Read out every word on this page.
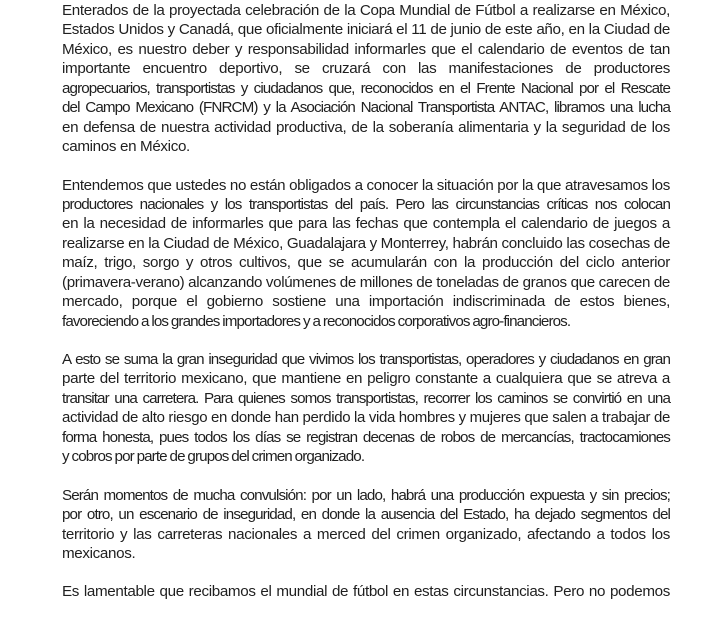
Enterados de la proyectada celebración de la Copa Mundial de Fútbol a realizarse en México,
Estados Unidos y Canadá, que oficialmente iniciará el 11 de junio de este año, en la Ciudad de
México, es nuestro deber y responsabilidad informarles que el calendario de eventos de tan
importante encuentro deportivo, se cruzará con las manifestaciones de productores
agropecuarios, transportistas y ciudadanos que, reconocidos en el Frente Nacional por el Rescate
del Campo Mexicano (FNRCM) y la Asociación Nacional Transportista ANTAC, libramos una lucha
en defensa de nuestra actividad productiva, de la soberanía alimentaria y la seguridad de los
caminos en México.
Entendemos que ustedes no están obligados a conocer la situación por la que atravesamos los
productores nacionales y los transportistas del país. Pero las circunstancias críticas nos colocan
en la necesidad de informarles que para las fechas que contempla el calendario de juegos a
realizarse en la Ciudad de México, Guadalajara y Monterrey, habrán concluido las cosechas de
maíz, trigo, sorgo y otros cultivos, que se acumularán con la producción del ciclo anterior
(primavera-verano) alcanzando volúmenes de millones de toneladas de granos que carecen de
mercado, porque el gobierno sostiene una importación indiscriminada de estos bienes,
favoreciendo a los grandes importadores y a reconocidos corporativos agro-financieros.
A esto se suma la gran inseguridad que vivimos los transportistas, operadores y ciudadanos en gran
parte del territorio mexicano, que mantiene en peligro constante a cualquiera que se atreva a
transitar una carretera. Para quienes somos transportistas, recorrer los caminos se convirtió en una
actividad de alto riesgo en donde han perdido la vida hombres y mujeres que salen a trabajar de
forma honesta, pues todos los días se registran decenas de robos de mercancías, tractocamiones
y cobros por parte de grupos del crimen organizado.
Serán momentos de mucha convulsión: por un lado, habrá una producción expuesta y sin precios;
por otro, un escenario de inseguridad, en donde la ausencia del Estado, ha dejado segmentos del
territorio y las carreteras nacionales a merced del crimen organizado, afectando a todos los
mexicanos.
Es lamentable que recibamos el mundial de fútbol en estas circunstancias. Pero no podemos
